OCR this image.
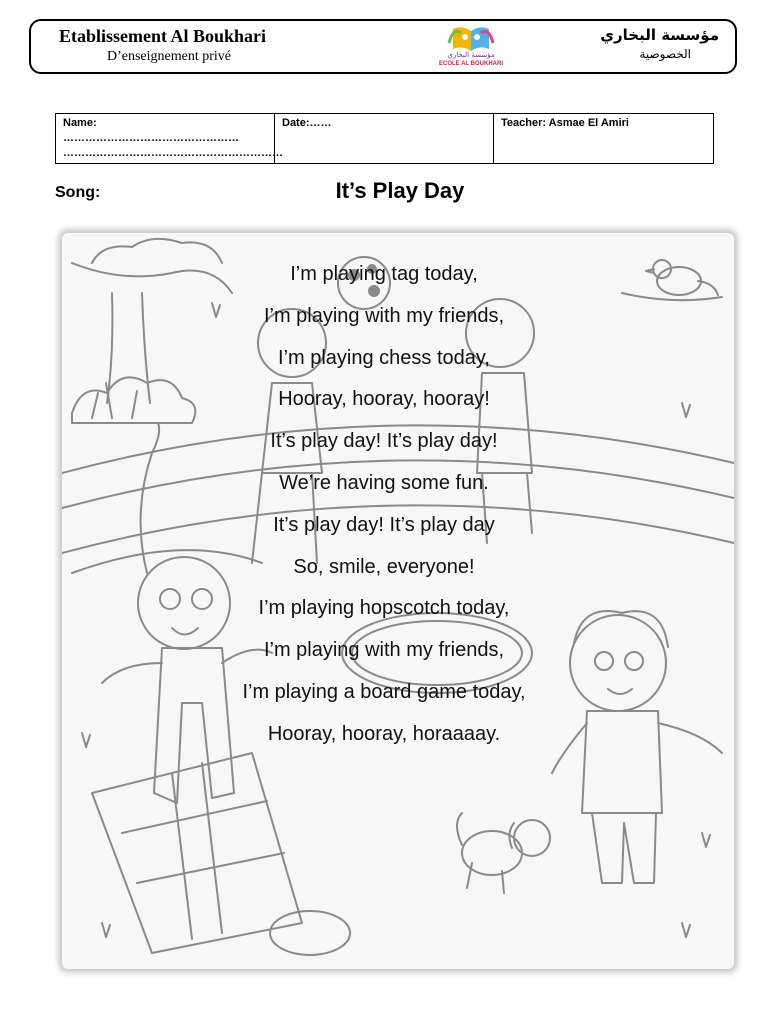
Etablissement Al Boukhari
D’enseignement privé	مؤسسة البخاري
ECOLE AL BOUKHARI
مؤسسة البخاري
الخصوصية
Name: …………………………………………
……………………………………………………

Date:……	Teacher: Asmae El Amiri
Song:	It’s Play Day
I’m playing tag today,
I’m playing with my friends,
I’m playing chess today,
Hooray, hooray, hooray!
It’s play day! It’s play day!
We’re having some fun.
It’s play day! It’s play day
So, smile, everyone!
I’m playing hopscotch today,
I’m playing with my friends,
I’m playing a board game today,
Hooray, hooray, horaaaay.
